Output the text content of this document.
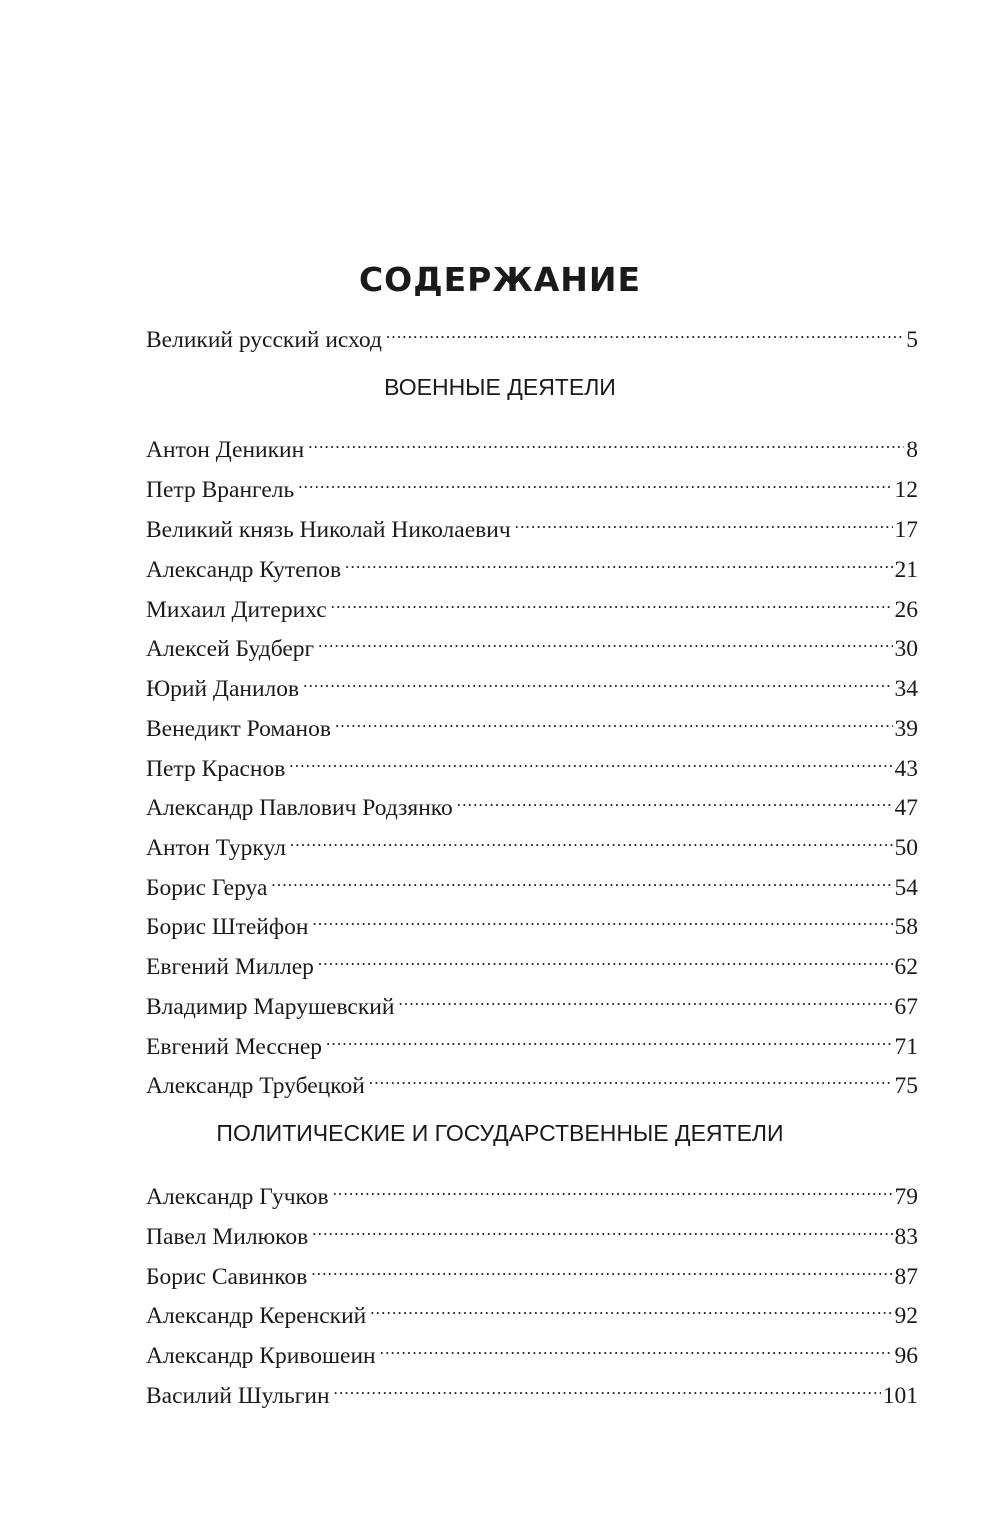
СОДЕРЖАНИЕ
Великий русский исход .....	5
ВОЕННЫЕ ДЕЯТЕЛИ
Антон Деникин .....	8
Петр Врангель .....	12
Великий князь Николай Николаевич .....	17
Александр Кутепов .....	21
Михаил Дитерихс .....	26
Алексей Будберг .....	30
Юрий Данилов .....	34
Венедикт Романов .....	39
Петр Краснов .....	43
Александр Павлович Родзянко .....	47
Антон Туркул .....	50
Борис Геруа .....	54
Борис Штейфон .....	58
Евгений Миллер .....	62
Владимир Марушевский .....	67
Евгений Месснер .....	71
Александр Трубецкой .....	75
ПОЛИТИЧЕСКИЕ И ГОСУДАРСТВЕННЫЕ ДЕЯТЕЛИ
Александр Гучков .....	79
Павел Милюков .....	83
Борис Савинков .....	87
Александр Керенский .....	92
Александр Кривошеин .....	96
Василий Шульгин .....	101
